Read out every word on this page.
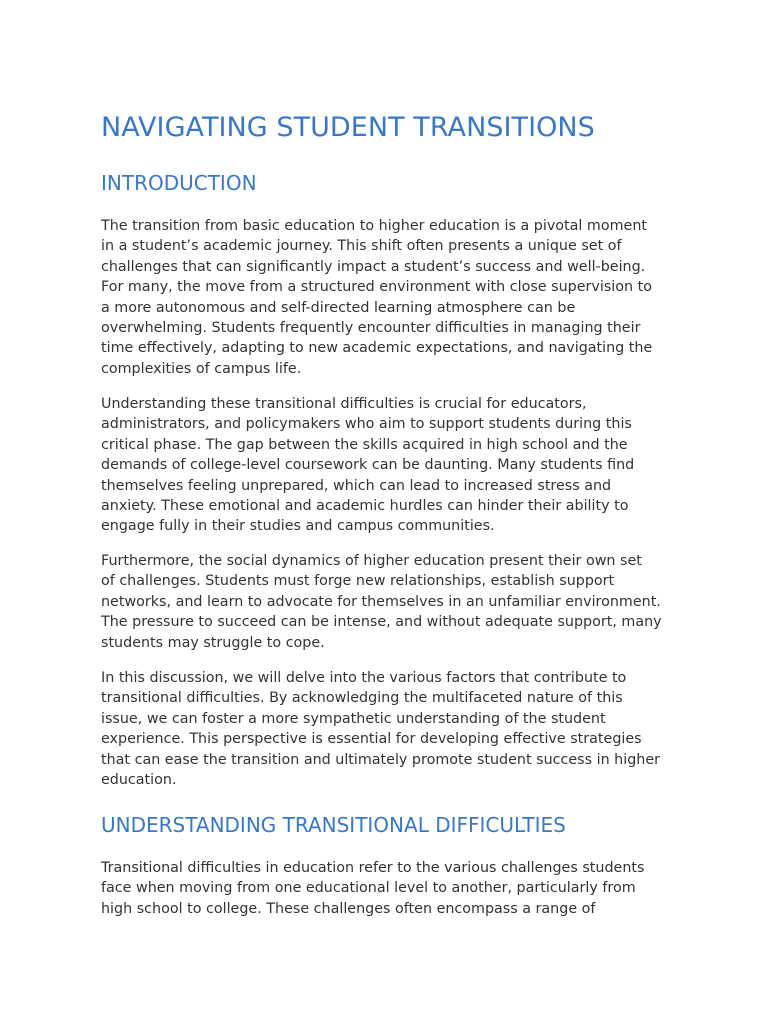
NAVIGATING STUDENT TRANSITIONS
INTRODUCTION

The transition from basic education to higher education is a pivotal moment
in a student’s academic journey. This shift often presents a unique set of
challenges that can significantly impact a student’s success and well-being.
For many, the move from a structured environment with close supervision to
a more autonomous and self-directed learning atmosphere can be
overwhelming. Students frequently encounter difficulties in managing their
time effectively, adapting to new academic expectations, and navigating the
complexities of campus life.

Understanding these transitional difficulties is crucial for educators,
administrators, and policymakers who aim to support students during this
critical phase. The gap between the skills acquired in high school and the
demands of college-level coursework can be daunting. Many students find
themselves feeling unprepared, which can lead to increased stress and
anxiety. These emotional and academic hurdles can hinder their ability to
engage fully in their studies and campus communities.

Furthermore, the social dynamics of higher education present their own set
of challenges. Students must forge new relationships, establish support
networks, and learn to advocate for themselves in an unfamiliar environment.
The pressure to succeed can be intense, and without adequate support, many
students may struggle to cope.

In this discussion, we will delve into the various factors that contribute to
transitional difficulties. By acknowledging the multifaceted nature of this
issue, we can foster a more sympathetic understanding of the student
experience. This perspective is essential for developing effective strategies
that can ease the transition and ultimately promote student success in higher
education.

UNDERSTANDING TRANSITIONAL DIFFICULTIES

Transitional difficulties in education refer to the various challenges students
face when moving from one educational level to another, particularly from
high school to college. These challenges often encompass a range of
